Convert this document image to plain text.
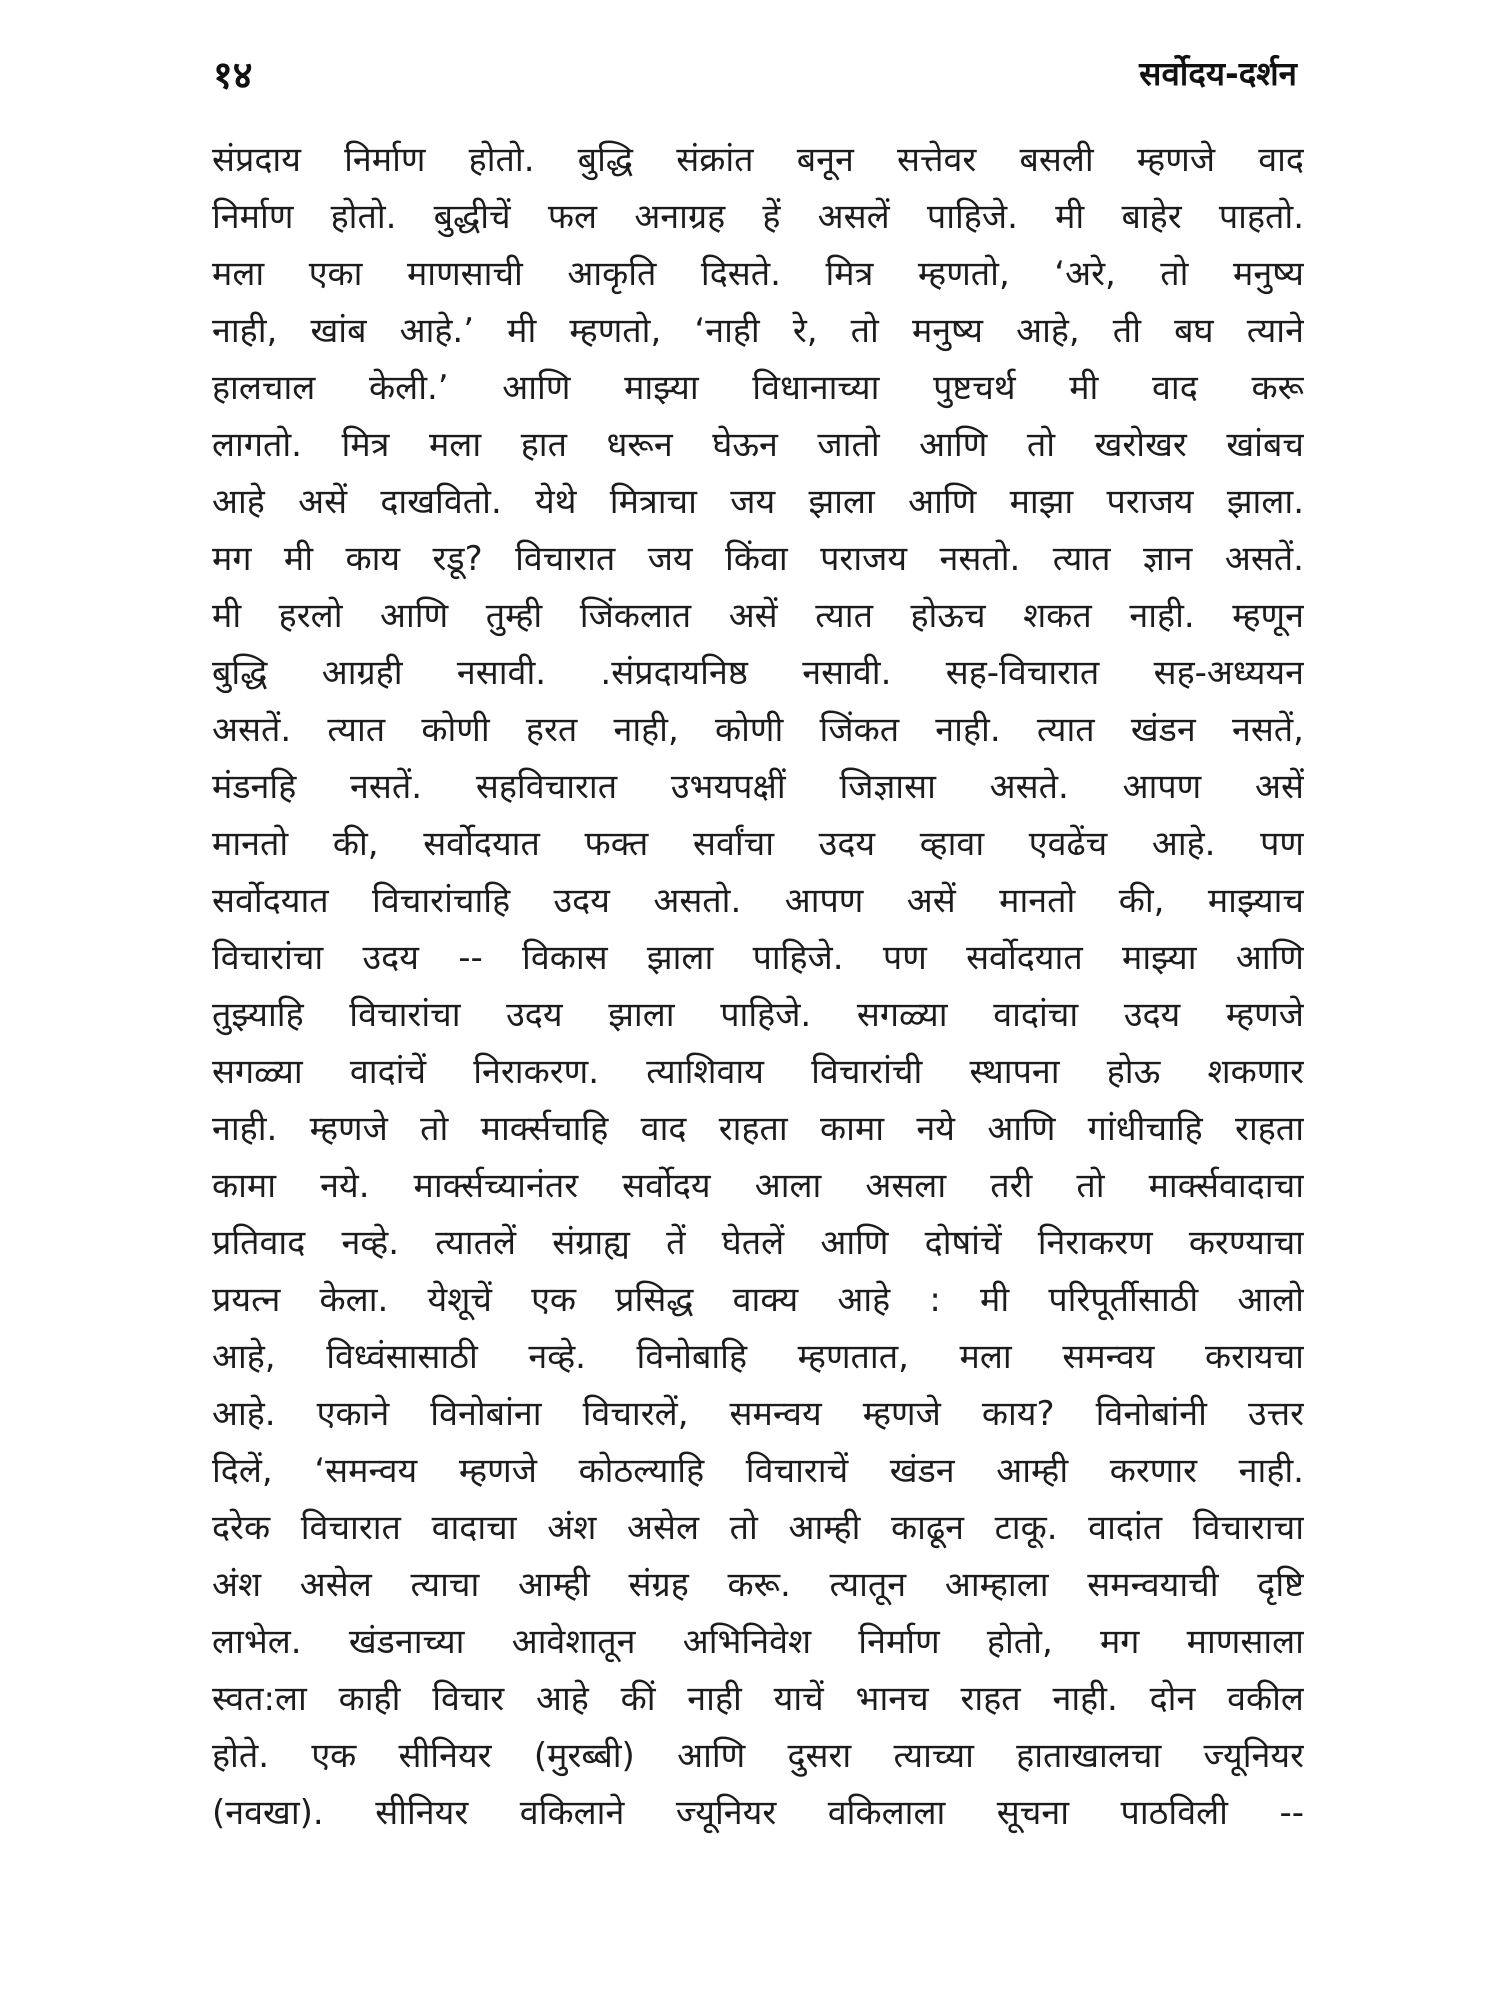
१४	सर्वोदय-दर्शन
संप्रदाय निर्माण होतो. बुद्धि संक्रांत बनून सत्तेवर बसली म्हणजे वाद
निर्माण होतो. बुद्धीचें फल अनाग्रह हें असलें पाहिजे. मी बाहेर पाहतो.
मला एका माणसाची आकृति दिसते. मित्र म्हणतो, ‘अरे, तो मनुष्य
नाही, खांब आहे.’ मी म्हणतो, ‘नाही रे, तो मनुष्य आहे, ती बघ त्याने
हालचाल केली.’ आणि माझ्या विधानाच्या पुष्टचर्थ मी वाद करू
लागतो. मित्र मला हात धरून घेऊन जातो आणि तो खरोखर खांबच
आहे असें दाखवितो. येथे मित्राचा जय झाला आणि माझा पराजय झाला.
मग मी काय रडू? विचारात जय किंवा पराजय नसतो. त्यात ज्ञान असतें.
मी हरलो आणि तुम्ही जिंकलात असें त्यात होऊच शकत नाही. म्हणून
बुद्धि आग्रही नसावी. .संप्रदायनिष्ठ नसावी. सह-विचारात सह-अध्ययन
असतें. त्यात कोणी हरत नाही, कोणी जिंकत नाही. त्यात खंडन नसतें,
मंडनहि नसतें. सहविचारात उभयपक्षीं जिज्ञासा असते. आपण असें
मानतो की, सर्वोदयात फक्त सर्वांचा उदय व्हावा एवढेंच आहे. पण
सर्वोदयात विचारांचाहि उदय असतो. आपण असें मानतो की, माझ्याच
विचारांचा उदय -- विकास झाला पाहिजे. पण सर्वोदयात माझ्या आणि
तुझ्याहि विचारांचा उदय झाला पाहिजे. सगळ्या वादांचा उदय म्हणजे
सगळ्या वादांचें निराकरण. त्याशिवाय विचारांची स्थापना होऊ शकणार
नाही. म्हणजे तो मार्क्सचाहि वाद राहता कामा नये आणि गांधीचाहि राहता
कामा नये. मार्क्सच्यानंतर सर्वोदय आला असला तरी तो मार्क्सवादाचा
प्रतिवाद नव्हे. त्यातलें संग्राह्य तें घेतलें आणि दोषांचें निराकरण करण्याचा
प्रयत्न केला. येशूचें एक प्रसिद्ध वाक्य आहे : मी परिपूर्तीसाठी आलो
आहे, विध्वंसासाठी नव्हे. विनोबाहि म्हणतात, मला समन्वय करायचा
आहे. एकाने विनोबांना विचारलें, समन्वय म्हणजे काय? विनोबांनी उत्तर
दिलें, ‘समन्वय म्हणजे कोठल्याहि विचाराचें खंडन आम्ही करणार नाही.
दरेक विचारात वादाचा अंश असेल तो आम्ही काढून टाकू. वादांत विचाराचा
अंश असेल त्याचा आम्ही संग्रह करू. त्यातून आम्हाला समन्वयाची दृष्टि
लाभेल. खंडनाच्या आवेशातून अभिनिवेश निर्माण होतो, मग माणसाला
स्वत:ला काही विचार आहे कीं नाही याचें भानच राहत नाही. दोन वकील
होते. एक सीनियर (मुरब्बी) आणि दुसरा त्याच्या हाताखालचा ज्यूनियर
(नवखा). सीनियर वकिलाने ज्यूनियर वकिलाला सूचना पाठविली --
